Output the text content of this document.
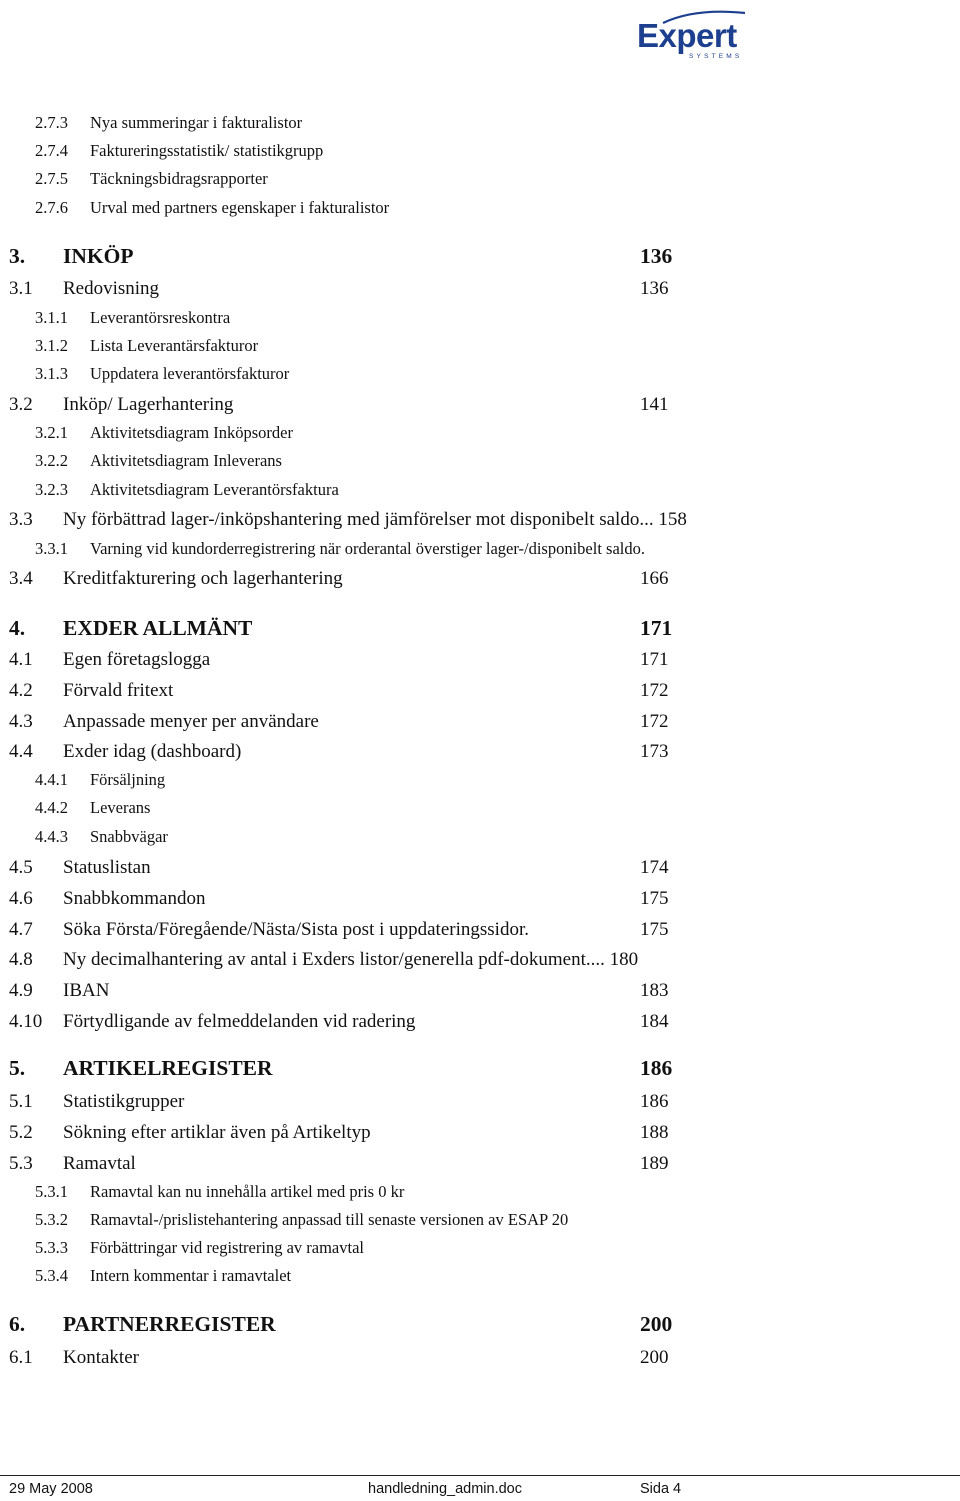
Expert
SYSTEMS
2.7.3 Nya summeringar i fakturalistor
2.7.4 Faktureringsstatistik/ statistikgrupp
2.7.5 Täckningsbidragsrapporter
2.7.6 Urval med partners egenskaper i fakturalistor
3. INKÖP	136
3.1 Redovisning	136
3.1.1 Leverantörsreskontra
3.1.2 Lista Leverantärsfakturor
3.1.3 Uppdatera leverantörsfakturor
3.2 Inköp/ Lagerhantering	141
3.2.1 Aktivitetsdiagram Inköpsorder
3.2.2 Aktivitetsdiagram Inleverans
3.2.3 Aktivitetsdiagram Leverantörsfaktura
3.3 Ny förbättrad lager-/inköpshantering med jämförelser mot disponibelt saldo... 158
3.3.1 Varning vid kundorderregistrering när orderantal överstiger lager-/disponibelt saldo.
3.4 Kreditfakturering och lagerhantering	166
4. EXDER ALLMÄNT	171
4.1 Egen företagslogga	171
4.2 Förvald fritext	172
4.3 Anpassade menyer per användare	172
4.4 Exder idag (dashboard)	173
4.4.1 Försäljning
4.4.2 Leverans
4.4.3 Snabbvägar
4.5 Statuslistan	174
4.6 Snabbkommandon	175
4.7 Söka Första/Föregående/Nästa/Sista post i uppdateringssidor.	175
4.8 Ny decimalhantering av antal i Exders listor/generella pdf-dokument.... 180
4.9 IBAN	183
4.10 Förtydligande av felmeddelanden vid radering	184
5. ARTIKELREGISTER	186
5.1 Statistikgrupper	186
5.2 Sökning efter artiklar även på Artikeltyp	188
5.3 Ramavtal	189
5.3.1 Ramavtal kan nu innehålla artikel med pris 0 kr
5.3.2 Ramavtal-/prislistehantering anpassad till senaste versionen av ESAP 20
5.3.3 Förbättringar vid registrering av ramavtal
5.3.4 Intern kommentar i ramavtalet
6. PARTNERREGISTER	200
6.1 Kontakter	200
29 May 2008	handledning_admin.doc	Sida 4
